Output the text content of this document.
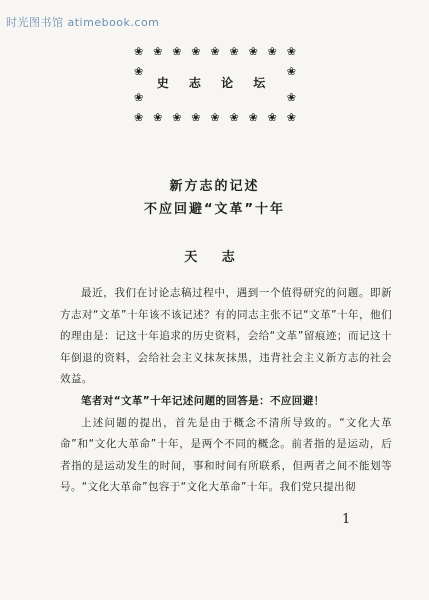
时光图书馆 atimebook.com
❀ ❀ ❀ ❀ ❀ ❀ ❀ ❀ ❀
❀
❀
❀
❀
史 志 论 坛
❀ ❀ ❀ ❀ ❀ ❀ ❀ ❀ ❀
新方志的记述
不应回避“文革”十年
天 志

最近，我们在讨论志稿过程中，遇到一个值得研究的问题。即新方志对“文革”十年该不该记述？有的同志主张不记“文革”十年，他们的理由是：记这十年追求的历史资料，会给“文革”留痕迹；而记这十年倒退的资料，会给社会主义抹灰抹黑，违背社会主义新方志的社会效益。

笔者对“文革”十年记述问题的回答是：不应回避！

上述问题的提出，首先是由于概念不清所导致的。“文化大革命”和“文化大革命”十年，是两个不同的概念。前者指的是运动，后者指的是运动发生的时间，事和时间有所联系，但两者之间不能划等号。“文化大革命”包容于“文化大革命”十年。我们党只提出彻

1
